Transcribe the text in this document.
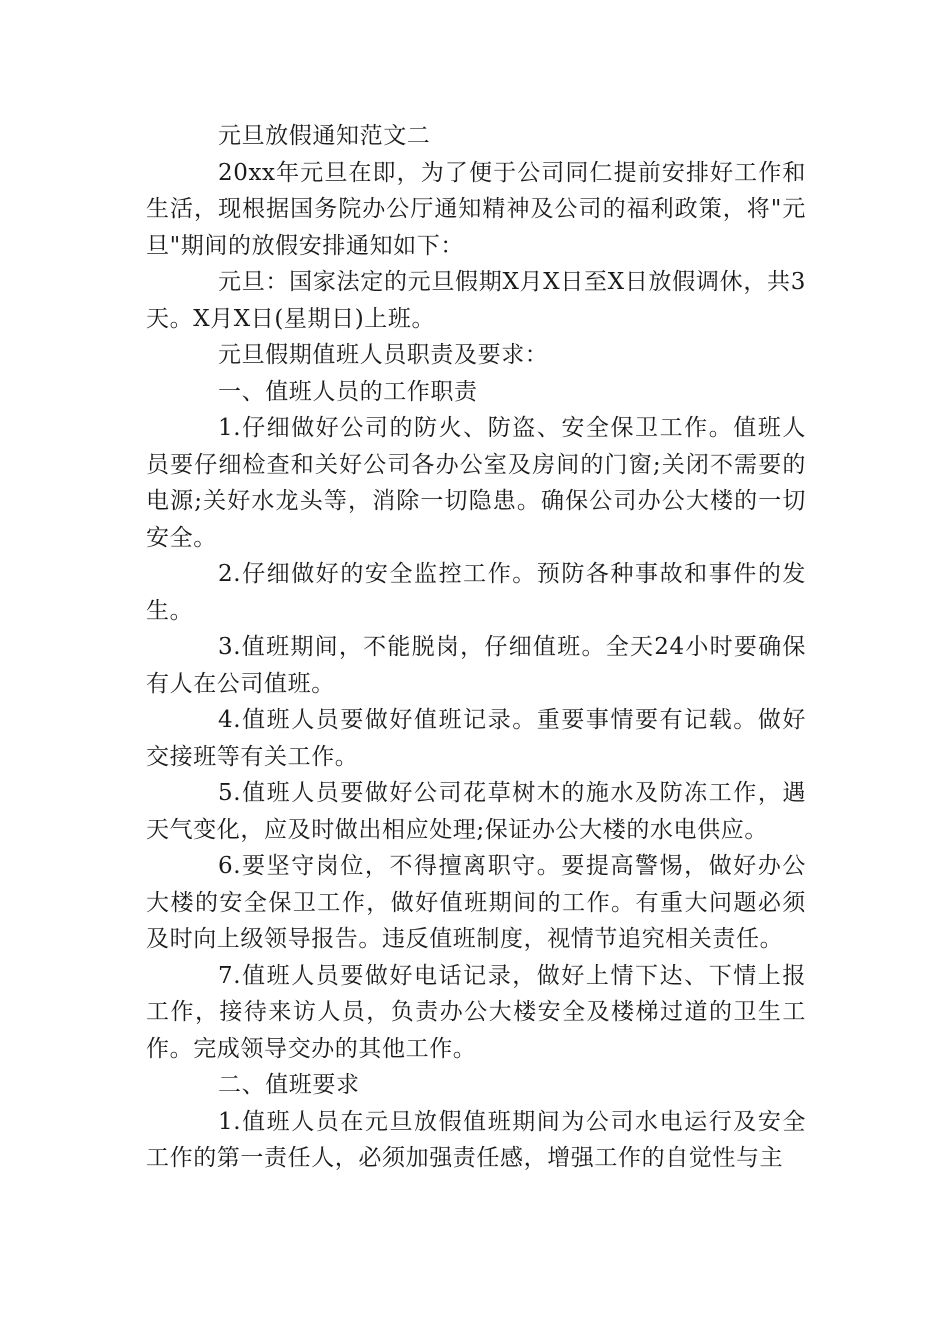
元旦放假通知范文二

20xx年元旦在即，为了便于公司同仁提前安排好工作和生活，现根据国务院办公厅通知精神及公司的福利政策，将"元旦"期间的放假安排通知如下：

元旦：国家法定的元旦假期X月X日至X日放假调休，共3天。X月X日(星期日)上班。

元旦假期值班人员职责及要求：

一、值班人员的工作职责

1.仔细做好公司的防火、防盗、安全保卫工作。值班人员要仔细检查和关好公司各办公室及房间的门窗;关闭不需要的电源;关好水龙头等，消除一切隐患。确保公司办公大楼的一切安全。

2.仔细做好的安全监控工作。预防各种事故和事件的发生。

3.值班期间，不能脱岗，仔细值班。全天24小时要确保有人在公司值班。

4.值班人员要做好值班记录。重要事情要有记载。做好交接班等有关工作。

5.值班人员要做好公司花草树木的施水及防冻工作，遇天气变化，应及时做出相应处理;保证办公大楼的水电供应。

6.要坚守岗位，不得擅离职守。要提高警惕，做好办公大楼的安全保卫工作，做好值班期间的工作。有重大问题必须及时向上级领导报告。违反值班制度，视情节追究相关责任。

7.值班人员要做好电话记录，做好上情下达、下情上报工作，接待来访人员，负责办公大楼安全及楼梯过道的卫生工作。完成领导交办的其他工作。

二、值班要求

1.值班人员在元旦放假值班期间为公司水电运行及安全工作的第一责任人，必须加强责任感，增强工作的自觉性与主
